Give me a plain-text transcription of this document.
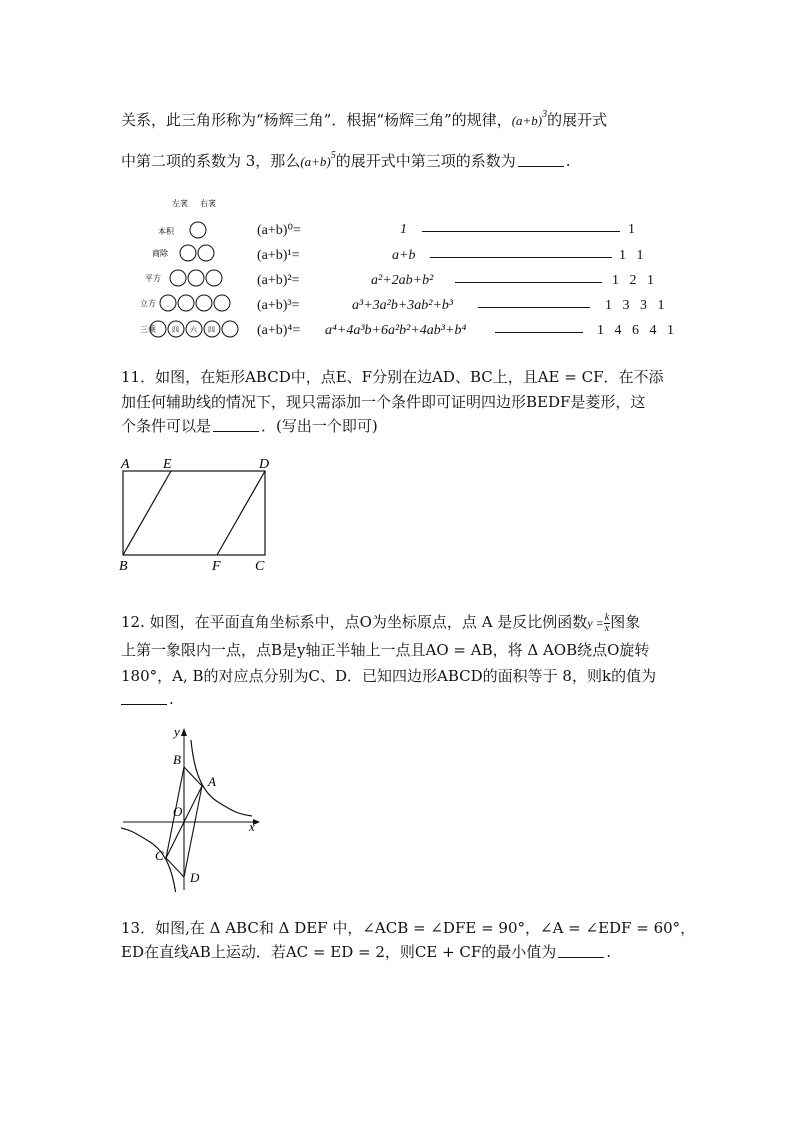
关系，此三角形称为“杨辉三角”．根据“杨辉三角”的规律，$(a+b)^3$的展开式
中第二项的系数为 3，那么$(a+b)^5$的展开式中第三项的系数为	.
左衺 右衺
本积
商除
平方
立方
三乘 四 六 四
(a+b)⁰=	1	1
(a+b)¹=	a+b	1   1
(a+b)²=	a²+2ab+b²	1   2   1
(a+b)³=	a³+3a²b+3ab²+b³	1   3   3   1
(a+b)⁴= a⁴+4a³b+6a²b²+4ab³+b⁴	1   4   6   4   1
11．如图，在矩形ABCD中，点E、F分别在边AD、BC上，且AE = CF．在不添
加任何辅助线的情况下，现只需添加一个条件即可证明四边形BEDF是菱形，这
个条件可以是	．(写出一个即可)
A E	D
B	F C
12. 如图，在平面直角坐标系中，点O为坐标原点，点 A 是反比例函数$y = \frac{k}{x}$ 图象
上第一象限内一点，点B是y轴正半轴上一点且AO = AB，将 Δ AOB绕点O旋转
180°，A, B的对应点分别为C、D．已知四边形ABCD的面积等于 8，则k的值为
.
y
x
B
A
O
C
D
13．如图,在 Δ ABC和 Δ DEF 中，∠ACB = ∠DFE = 90°，∠A = ∠EDF = 60°，
ED在直线AB上运动．若AC = ED = 2，则CE + CF的最小值为	.
